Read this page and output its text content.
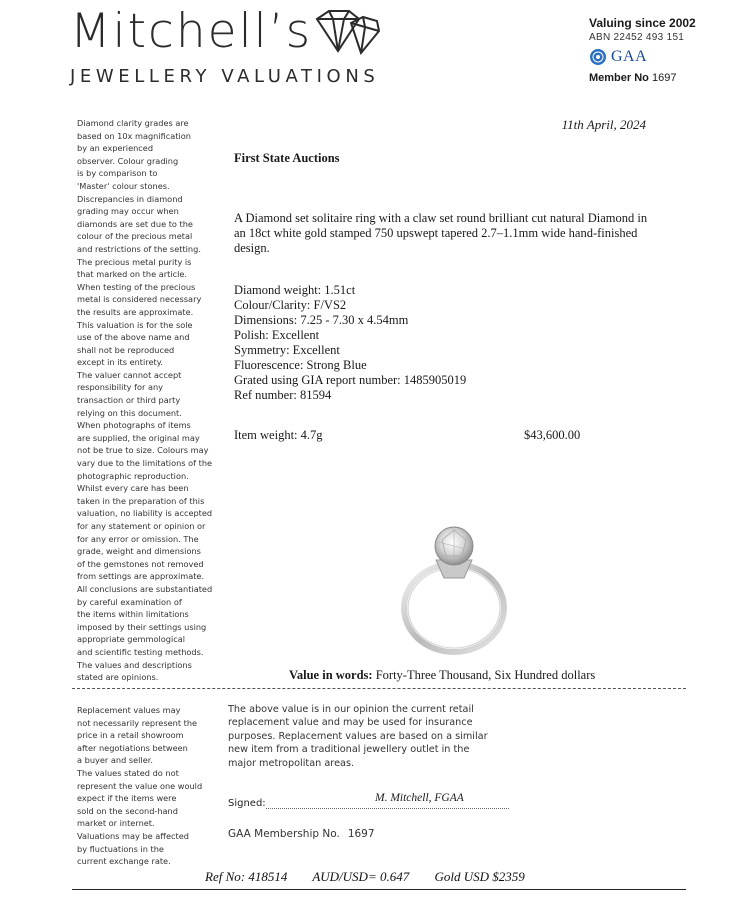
Mitchell’s
JEWELLERY VALUATIONS
Valuing since 2002
ABN 22452 493 151
GAA
Member No 1697
Diamond clarity grades are
based on 10x magnification
by an experienced
observer. Colour grading
is by comparison to
'Master' colour stones.
Discrepancies in diamond
grading may occur when
diamonds are set due to the
colour of the precious metal
and restrictions of the setting.
The precious metal purity is
that marked on the article.
When testing of the precious
metal is considered necessary
the results are approximate.
This valuation is for the sole
use of the above name and
shall not be reproduced
except in its entirety.
The valuer cannot accept
responsibility for any
transaction or third party
relying on this document.
When photographs of items
are supplied, the original may
not be true to size. Colours may
vary due to the limitations of the
photographic reproduction.
Whilst every care has been
taken in the preparation of this
valuation, no liability is accepted
for any statement or opinion or
for any error or omission. The
grade, weight and dimensions
of the gemstones not removed
from settings are approximate.
All conclusions are substantiated
by careful examination of
the items within limitations
imposed by their settings using
appropriate gemmological
and scientific testing methods.
The values and descriptions
stated are opinions.
11th April, 2024
First State Auctions
A Diamond set solitaire ring with a claw set round brilliant cut natural Diamond in an 18ct white gold stamped 750 upswept tapered 2.7–1.1mm wide hand-finished design.
Diamond weight: 1.51ct
Colour/Clarity: F/VS2
Dimensions: 7.25 - 7.30 x 4.54mm
Polish: Excellent
Symmetry: Excellent
Fluorescence: Strong Blue
Grated using GIA report number: 1485905019
Ref number: 81594
Item weight: 4.7g	$43,600.00
Value in words: Forty-Three Thousand, Six Hundred dollars
Replacement values may
not necessarily represent the
price in a retail showroom
after negotiations between
a buyer and seller.
The values stated do not
represent the value one would
expect if the items were
sold on the second-hand
market or internet.
Valuations may be affected
by fluctuations in the
current exchange rate.
The above value is in our opinion the current retail
replacement value and may be used for insurance
purposes. Replacement values are based on a similar
new item from a traditional jewellery outlet in the
major metropolitan areas.
Signed:	M. Mitchell, FGAA
GAA Membership No. 1697
Ref No: 418514 AUD/USD= 0.647 Gold USD $2359
